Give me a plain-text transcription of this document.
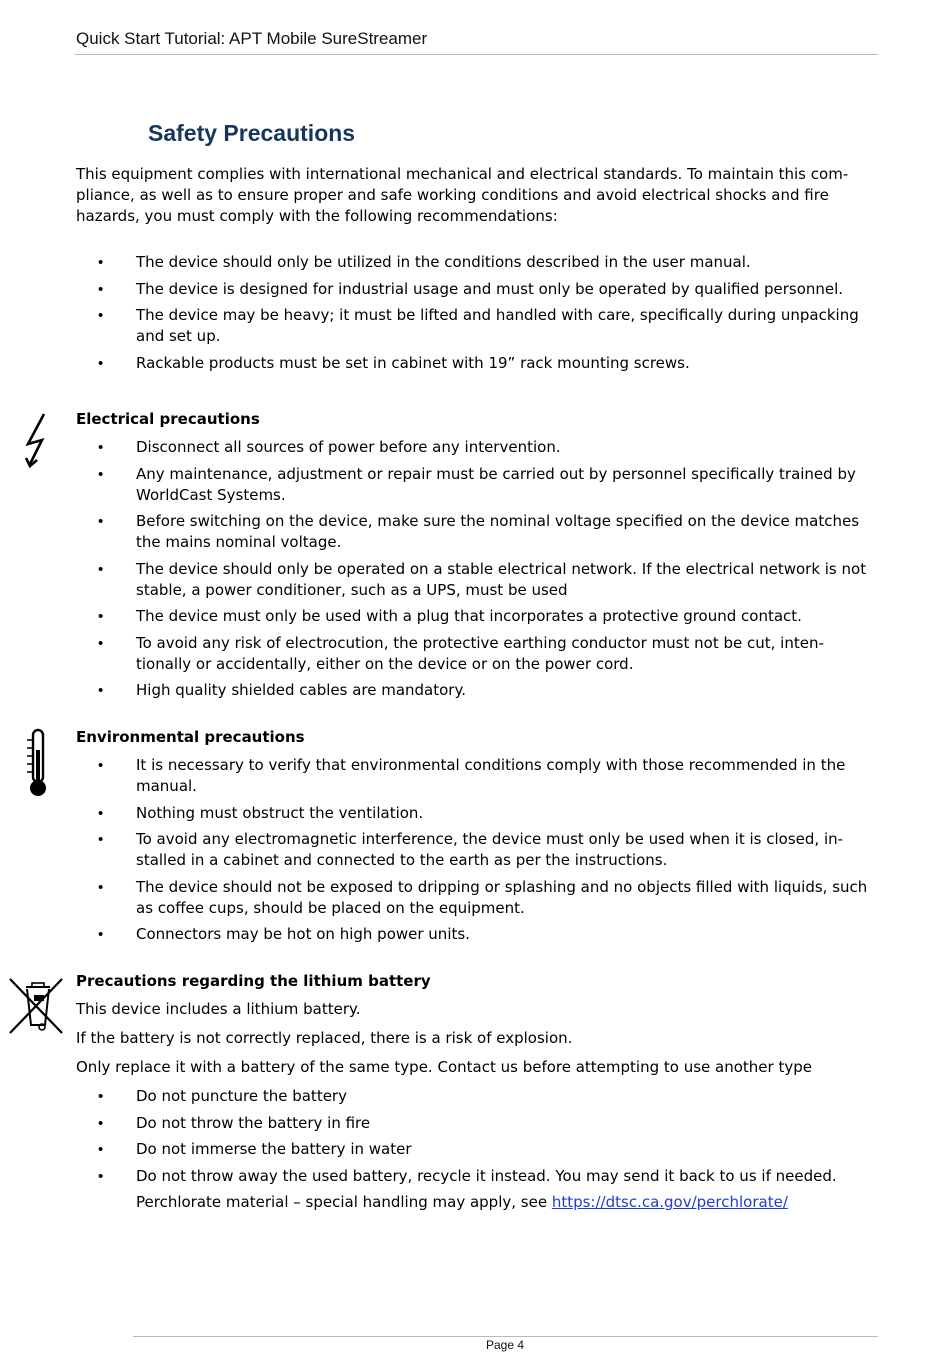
Quick Start Tutorial: APT Mobile SureStreamer
Safety Precautions

This equipment complies with international mechanical and electrical standards. To maintain this com-pliance, as well as to ensure proper and safe working conditions and avoid electrical shocks and fire hazards, you must comply with the following recommendations:

• The device should only be utilized in the conditions described in the user manual.
• The device is designed for industrial usage and must only be operated by qualified personnel.
• The device may be heavy; it must be lifted and handled with care, specifically during unpacking and set up.
• Rackable products must be set in cabinet with 19” rack mounting screws.
Electrical precautions
• Disconnect all sources of power before any intervention.
• Any maintenance, adjustment or repair must be carried out by personnel specifically trained by WorldCast Systems.
• Before switching on the device, make sure the nominal voltage specified on the device matches the mains nominal voltage.
• The device should only be operated on a stable electrical network. If the electrical network is not stable, a power conditioner, such as a UPS, must be used
• The device must only be used with a plug that incorporates a protective ground contact.
• To avoid any risk of electrocution, the protective earthing conductor must not be cut, inten-tionally or accidentally, either on the device or on the power cord.
• High quality shielded cables are mandatory.
Environmental precautions
• It is necessary to verify that environmental conditions comply with those recommended in the manual.
• Nothing must obstruct the ventilation.
• To avoid any electromagnetic interference, the device must only be used when it is closed, in-stalled in a cabinet and connected to the earth as per the instructions.
• The device should not be exposed to dripping or splashing and no objects filled with liquids, such as coffee cups, should be placed on the equipment.
• Connectors may be hot on high power units.
Precautions regarding the lithium battery

This device includes a lithium battery.

If the battery is not correctly replaced, there is a risk of explosion.

Only replace it with a battery of the same type. Contact us before attempting to use another type

• Do not puncture the battery
• Do not throw the battery in fire
• Do not immerse the battery in water
• Do not throw away the used battery, recycle it instead. You may send it back to us if needed.

Perchlorate material – special handling may apply, see https://dtsc.ca.gov/perchlorate/

Page 4
